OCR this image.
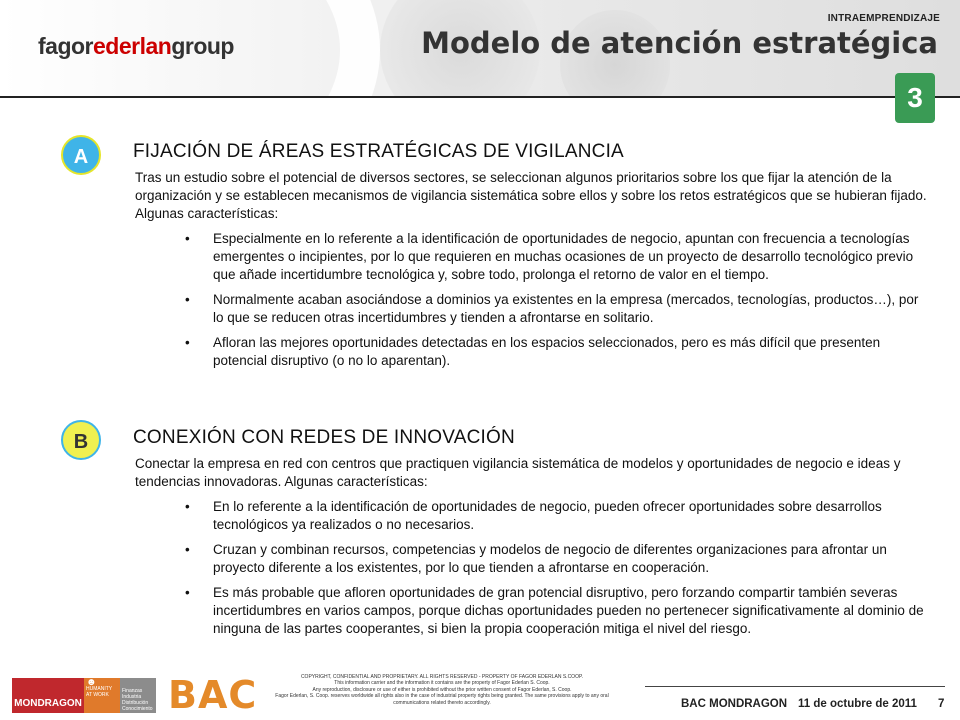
fagorederlangroup
INTRAEMPRENDIZAJE
Modelo de atención estratégica
3
A	FIJACIÓN DE ÁREAS ESTRATÉGICAS DE VIGILANCIA

Tras un estudio sobre el potencial de diversos sectores, se seleccionan algunos prioritarios sobre los que fijar la atención de la organización y se establecen mecanismos de vigilancia sistemática sobre ellos y sobre los retos estratégicos que se hubieran fijado. Algunas características:

• Especialmente en lo referente a la identificación de oportunidades de negocio, apuntan con frecuencia a tecnologías emergentes o incipientes, por lo que requieren en muchas ocasiones de un proyecto de desarrollo tecnológico previo que añade incertidumbre tecnológica y, sobre todo, prolonga el retorno de valor en el tiempo.
• Normalmente acaban asociándose a dominios ya existentes en la empresa (mercados, tecnologías, productos…), por lo que se reducen otras incertidumbres y tienden a afrontarse en solitario.
• Afloran las mejores oportunidades detectadas en los espacios seleccionados, pero es más difícil que presenten potencial disruptivo (o no lo aparentan).
B	CONEXIÓN CON REDES DE INNOVACIÓN

Conectar la empresa en red con centros que practiquen vigilancia sistemática de modelos y oportunidades de negocio e ideas y tendencias innovadoras. Algunas características:

• En lo referente a la identificación de oportunidades de negocio, pueden ofrecer oportunidades sobre desarrollos tecnológicos ya realizados o no necesarios.
• Cruzan y combinan recursos, competencias y modelos de negocio de diferentes organizaciones para afrontar un proyecto diferente a los existentes, por lo que tienden a afrontarse en cooperación.
• Es más probable que afloren oportunidades de gran potencial disruptivo, pero forzando compartir también severas incertidumbres en varios campos, porque dichas oportunidades pueden no pertenecer significativamente al dominio de ninguna de las partes cooperantes, si bien la propia cooperación mitiga el nivel del riesgo.
MONDRAGON
☻
HUMANITY AT WORK
Finanzas Industria Distribución Conocimiento BAC	COPYRIGHT, CONFIDENTIAL AND PROPRIETARY. ALL RIGHTS RESERVED - PROPERTY OF FAGOR EDERLAN S.COOP.
This information carrier and the information it contains are the property of Fagor Ederlan S. Coop.
Any reproduction, disclosure or use of either is prohibited without the prior written consent of Fagor Ederlan, S. Coop.
Fagor Ederlan, S. Coop. reserves worldwide all rights also in the case of industrial property rights being granted. The same provisions apply to any oral communications related thereto accordingly.	BAC MONDRAGON 11 de octubre de 2011 7
